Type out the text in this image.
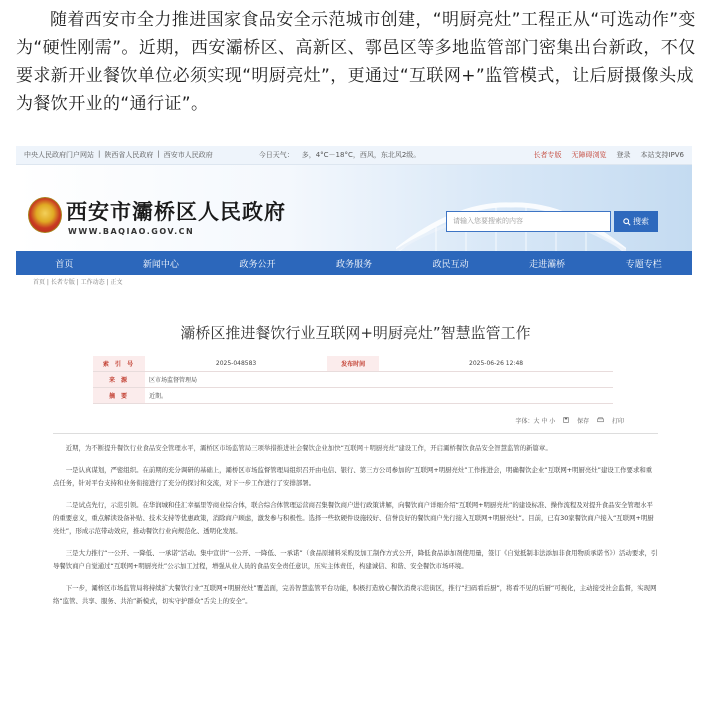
随着西安市全力推进国家食品安全示范城市创建，“明厨亮灶”工程正从“可选动作”变为“硬性刚需”。近期，西安灞桥区、高新区、鄠邑区等多地监管部门密集出台新政，不仅要求新开业餐饮单位必须实现“明厨亮灶”，更通过“互联网+”监管模式，让后厨摄像头成为餐饮开业的“通行证”。

中央人民政府门户网站 | 陕西省人民政府 | 西安市人民政府	今日天气： 多，4°C－18°C，西风，东北风2级。	长者专版 无障碍浏览 登录 本站支持IPV6
西安市灞桥区人民政府
WWW.BAQIAO.GOV.CN
请输入您要搜索的内容	搜索
首页	新闻中心	政务公开	政务服务	政民互动	走进灞桥	专题专栏
首页 | 长者专版 | 工作动态 | 正文
灞桥区推进餐饮行业互联网+明厨亮灶”智慧监管工作
索 引 号	2025-048583	发布时间	2025-06-26 12:48
来 源	区市场监督管理局		
摘 要	近期。		
字体：大 中 小	保存	打印

近期，为不断提升餐饮行业食品安全管理水平，灞桥区市场监管局三项举措推进社会餐饮企业加快“互联网＋明厨亮灶”建设工作，开启灞桥餐饮食品安全智慧监管的新篇章。

一是认真谋划，严密组织。在前期的充分调研的基础上，灞桥区市场监督管理局组织召开由电信、银行、第三方公司参加的“互联网+明厨亮灶”工作推进会，明确餐饮企业“互联网+明厨亮灶”建设工作要求和重点任务，针对平台支持和业务衔接进行了充分的探讨和交流，对下一步工作进行了安排部署。

二是试点先行，示范引领。在华润城和佳汇幸福里等商业综合体，联合综合体管理运营商召集餐饮商户进行政策讲解，向餐饮商户详细介绍“互联网+明厨亮灶”的建设标准、操作流程及对提升食品安全管理水平的重要意义，重点解读设备补贴、技术支持等优惠政策，消除商户顾虑，激发参与积极性。选择一些软硬件设施较好、信誉良好的餐饮商户先行接入互联网+明厨亮灶”。目前，已有30家餐饮商户接入“互联网+明厨亮灶”，形成示范带动效应，推动餐饮行业向规范化、透明化发展。

三是大力推行“一公开、一降低、一承诺”活动。集中宣讲“一公开、一降低、一承诺”（食品原辅料采购及加工制作方式公开，降低食品添加剂使用量，签订《自觉抵制非法添加非食用物质承诺书》）活动要求，引导餐饮商户自觉通过“互联网+明厨亮灶”公示加工过程，增强从业人员的食品安全责任意识，压实主体责任，构建诚信、和谐、安全餐饮市场环境。

下一步，灞桥区市场监管局将持续扩大餐饮行业“互联网+明厨亮灶”覆盖面，完善智慧监管平台功能，积极打造放心餐饮消费示范街区，推行“扫码看后厨”，将看不见的后厨“可视化，主动接受社会监督，实现网络“监管、共享、服务、共治”新模式，切实守护群众“舌尖上的安全”。
